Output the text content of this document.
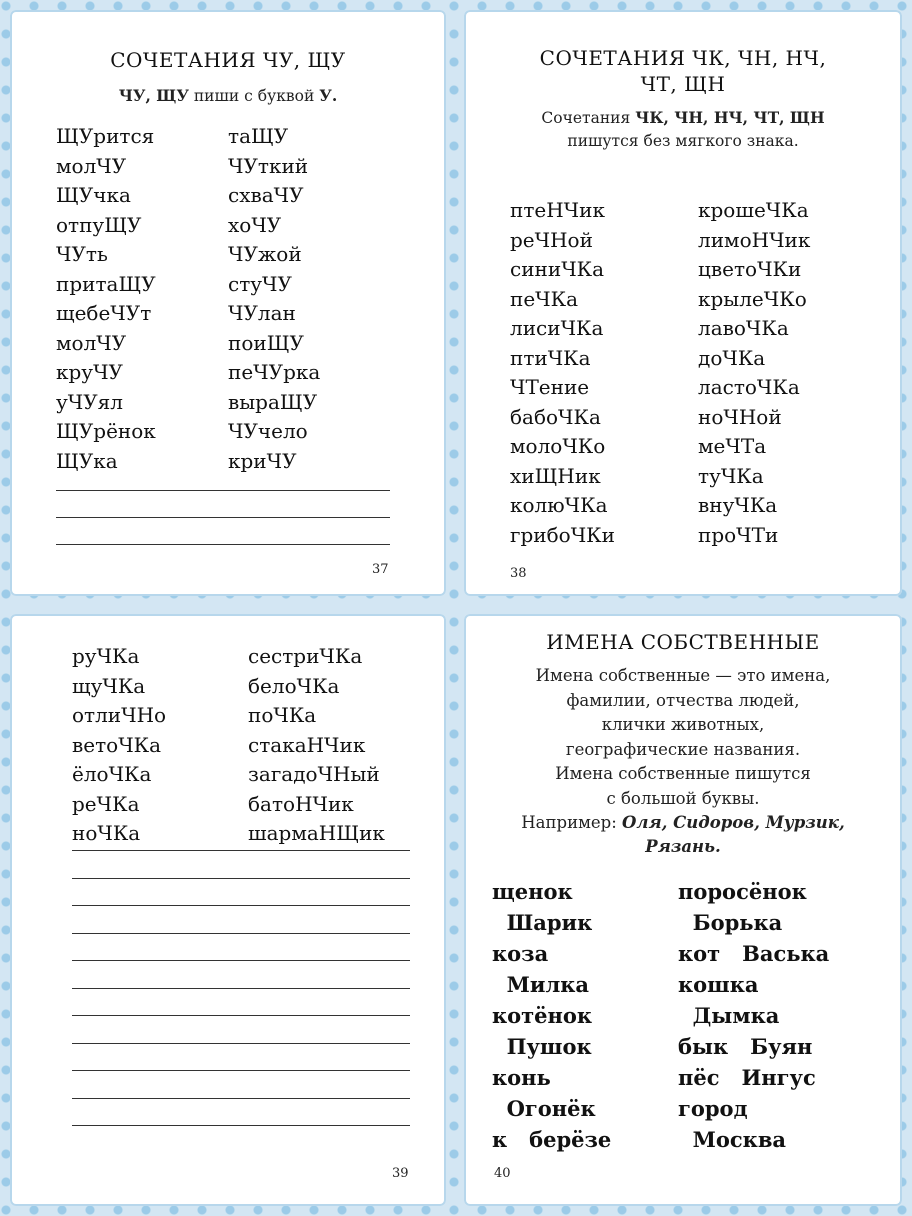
СОЧЕТАНИЯ ЧУ, ЩУ
ЧУ, ЩУ пиши с буквой У.
ЩУрится
молЧУ
ЩУчка
отпуЩУ
ЧУть
притаЩУ
щебеЧУт
молЧУ
круЧУ
уЧУял
ЩУрёнок
ЩУка
таЩУ
ЧУткий
схваЧУ
хоЧУ
ЧУжой
стуЧУ
ЧУлан
поиЩУ
пеЧУрка
выраЩУ
ЧУчело
криЧУ
37
СОЧЕТАНИЯ ЧК, ЧН, НЧ,
ЧТ, ЩН
Сочетания ЧК, ЧН, НЧ, ЧТ, ЩН
пишутся без мягкого знака.
птеНЧик
реЧНой
синиЧКа
пеЧКа
лисиЧКа
птиЧКа
ЧТение
бабоЧКа
молоЧКо
хиЩНик
колюЧКа
грибоЧКи
крошеЧКа
лимоНЧик
цветоЧКи
крылеЧКо
лавоЧКа
доЧКа
ластоЧКа
ноЧНой
меЧТа
туЧКа
внуЧКа
проЧТи
38
руЧКа
щуЧКа
отлиЧНо
ветоЧКа
ёлоЧКа
реЧКа
ноЧКа
сестриЧКа
белоЧКа
поЧКа
стакаНЧик
загадоЧНый
батоНЧик
шармаНЩик
39
ИМЕНА СОБСТВЕННЫЕ
Имена собственные — это имена,
фамилии, отчества людей,
клички животных,
географические названия.
Имена собственные пишутся
с большой буквы.
Например: Оля, Сидоров, Мурзик,
Рязань.
щенок
Шарик
коза
Милка
котёнок
Пушок
конь
Огонёк
к   берёзе
поросёнок
Борька
кот   Васька
кошка
Дымка
бык   Буян
пёс   Ингус
город
Москва
40
